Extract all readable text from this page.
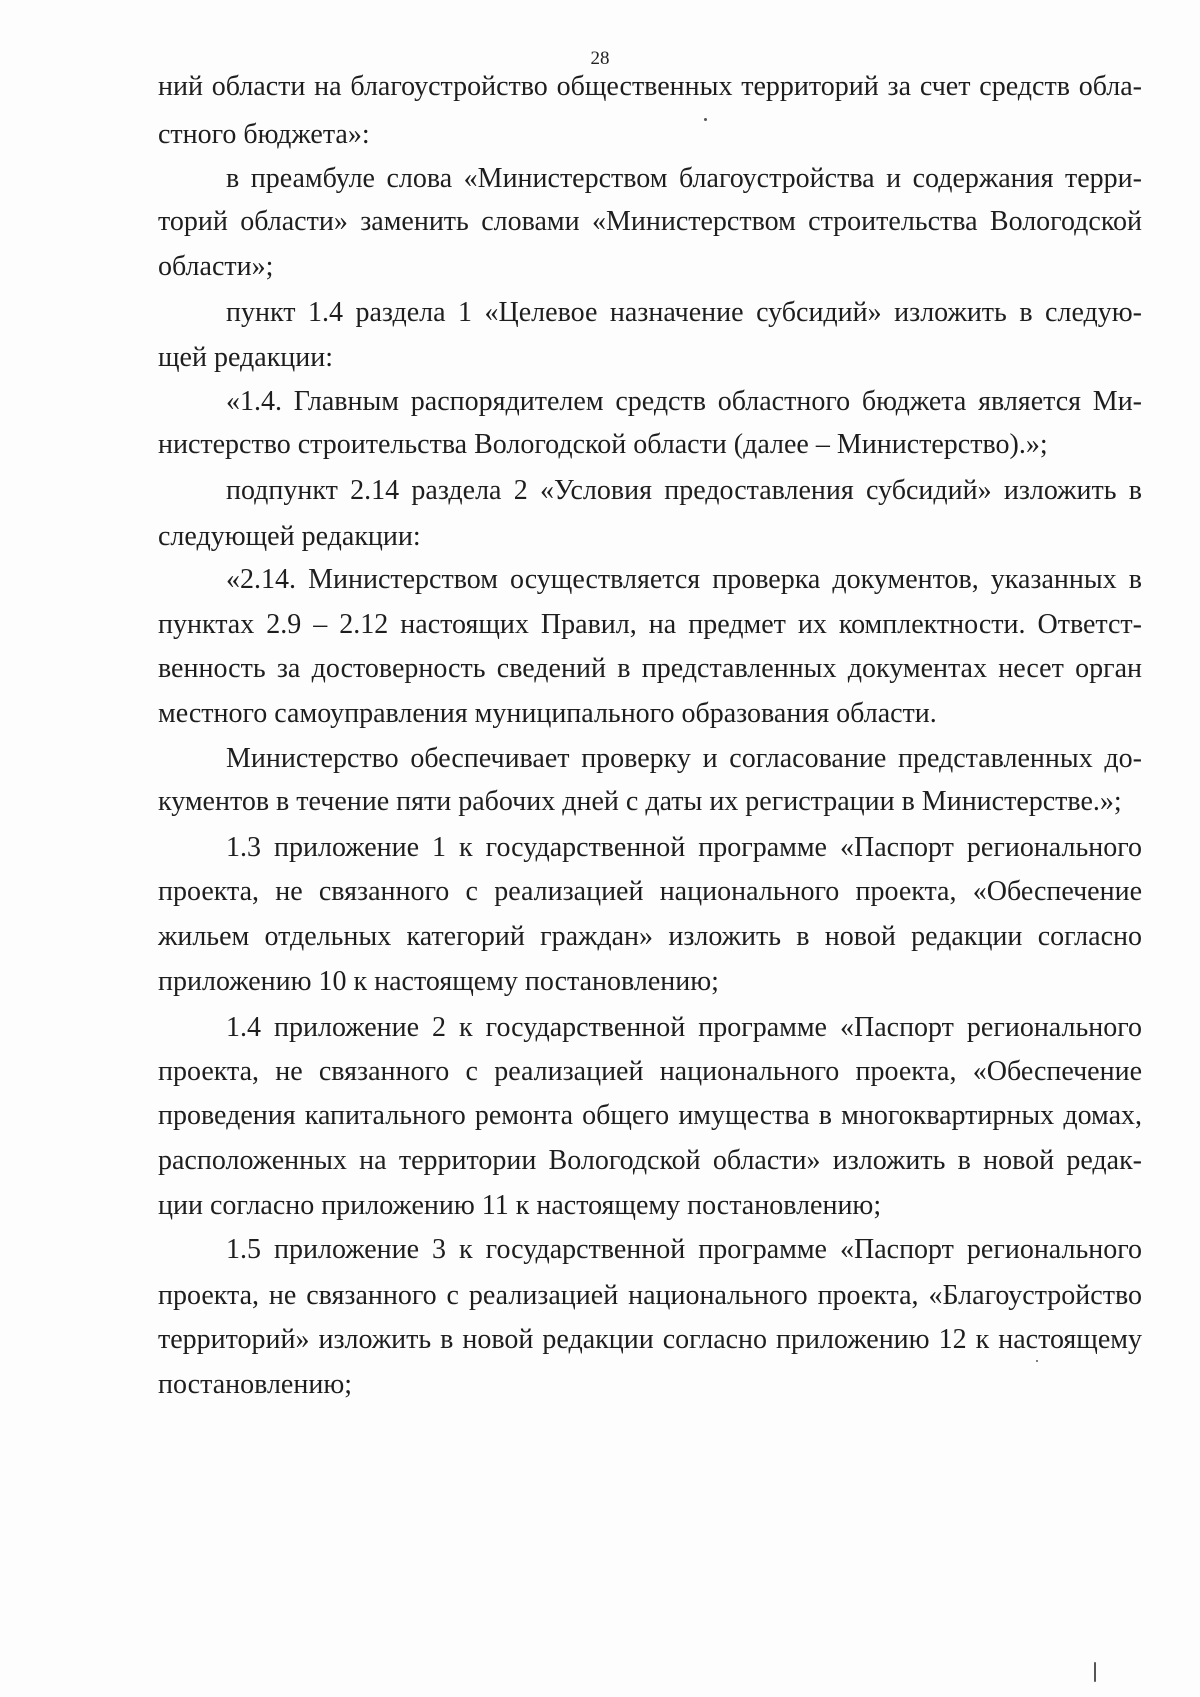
28
ний области на благоустройство общественных территорий за счет средств обла-
стного бюджета»:
в преамбуле слова «Министерством благоустройства и содержания терри-
торий области» заменить словами «Министерством строительства Вологодской
области»;
пункт 1.4 раздела 1 «Целевое назначение субсидий» изложить в следую-
щей редакции:
«1.4. Главным распорядителем средств областного бюджета является Ми-
нистерство строительства Вологодской области (далее – Министерство).»;
подпункт 2.14 раздела 2 «Условия предоставления субсидий» изложить в
следующей редакции:
«2.14. Министерством осуществляется проверка документов, указанных в
пунктах 2.9 – 2.12 настоящих Правил, на предмет их комплектности. Ответст-
венность за достоверность сведений в представленных документах несет орган
местного самоуправления муниципального образования области.
Министерство обеспечивает проверку и согласование представленных до-
кументов в течение пяти рабочих дней с даты их регистрации в Министерстве.»;
1.3 приложение 1 к государственной программе «Паспорт регионального
проекта, не связанного с реализацией национального проекта, «Обеспечение
жильем отдельных категорий граждан» изложить в новой редакции согласно
приложению 10 к настоящему постановлению;
1.4 приложение 2 к государственной программе «Паспорт регионального
проекта, не связанного с реализацией национального проекта, «Обеспечение
проведения капитального ремонта общего имущества в многоквартирных домах,
расположенных на территории Вологодской области» изложить в новой редак-
ции согласно приложению 11 к настоящему постановлению;
1.5 приложение 3 к государственной программе «Паспорт регионального
проекта, не связанного с реализацией национального проекта, «Благоустройство
территорий» изложить в новой редакции согласно приложению 12 к настоящему
постановлению;
